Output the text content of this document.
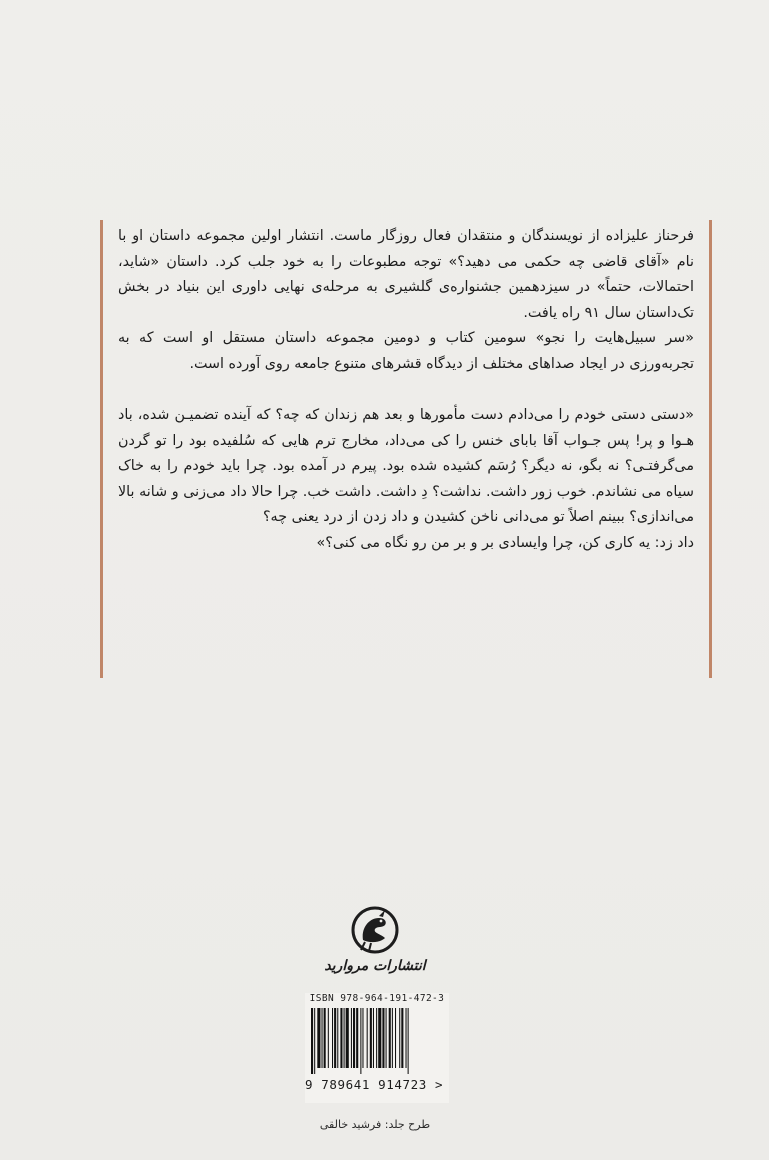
فرحناز علیزاده از نویسندگان و منتقدان فعال روزگار ماست. انتشار اولین مجموعه داستان او با نام «آقای قاضی چه حکمی می دهید؟» توجه مطبوعات را به خود جلب کرد. داستان «شاید، احتمالات، حتماً» در سیزدهمین جشنواره‌ی گلشیری به مرحله‌ی نهایی داوری این بنیاد در بخش تک‌داستان سال ۹۱ راه یافت.

«سر سبیل‌هایت را نجو» سومین کتاب و دومین مجموعه داستان مستقل او است که به تجربه‌ورزی در ایجاد صداهای مختلف از دیدگاه قشرهای متنوع جامعه روی آورده است.

«دستی دستی خودم را می‌دادم دست مأمورها و بعد هم زندان که چه؟ که آینده تضمیـن شده، باد هـوا و پر! پس جـواب آقا بابای خنس را کی می‌داد، مخارج ترم هایی که سُلفیده بود را تو گردن می‌گرفتـی؟ نه بگو، نه دیگر؟ رُسَم کشیده شده بود. پیرم در آمده بود. چرا باید خودم را به خاک سیاه می نشاندم. خوب زور داشت. نداشت؟ دِ داشت. داشت خب. چرا حالا داد می‌زنی و شانه بالا می‌اندازی؟ ببینم اصلاً تو می‌دانی ناخن کشیدن و داد زدن از درد یعنی چه؟

داد زد: یه کاری کن، چرا وایسادی بر و بر من رو نگاه می کنی؟»

انتشارات مروارید
ISBN 978-964-191-472-3
9 789641 914723 >
طرح جلد: فرشید خالقی
